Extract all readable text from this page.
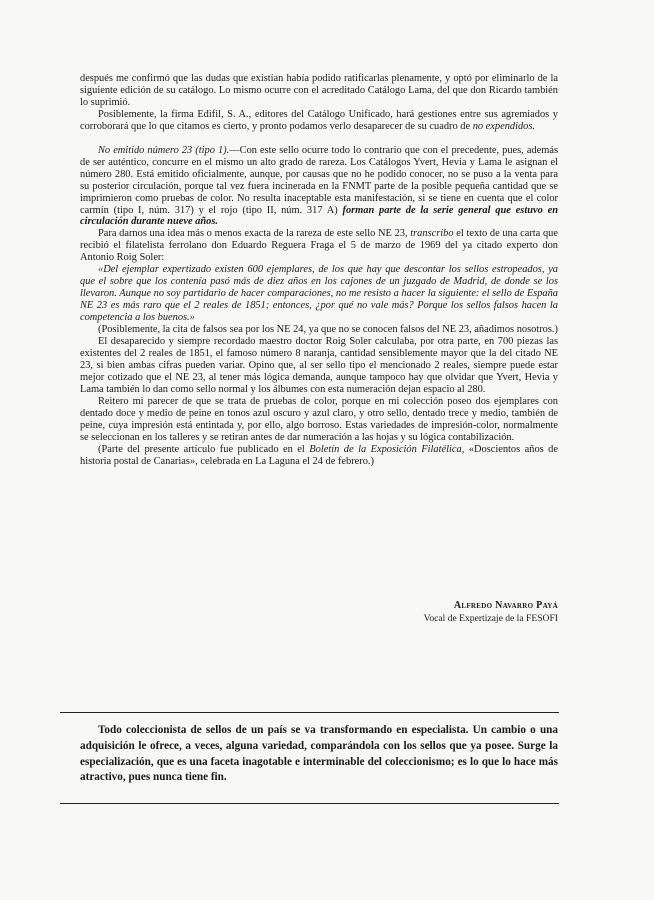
después me confirmó que las dudas que existían había podido ratificarlas plenamente, y optó por eliminarlo de la siguiente edición de su catálogo. Lo mismo ocurre con el acreditado Catálogo Lama, del que don Ricardo también lo suprimió.

Posiblemente, la firma Edifil, S. A., editores del Catálogo Unificado, hará gestiones entre sus agremiados y corroborará que lo que citamos es cierto, y pronto podamos verlo desaparecer de su cuadro de no expendidos.

No emitido número 23 (tipo 1).—Con este sello ocurre todo lo contrario que con el precedente, pues, además de ser auténtico, concurre en el mismo un alto grado de rareza. Los Catálogos Yvert, Hevia y Lama le asignan el número 280. Está emitido oficialmente, aunque, por causas que no he podido conocer, no se puso a la venta para su posterior circulación, porque tal vez fuera incinerada en la FNMT parte de la posible pequeña cantidad que se imprimieron como pruebas de color. No resulta inaceptable esta manifestación, si se tiene en cuenta que el color carmín (tipo I, núm. 317) y el rojo (tipo II, núm. 317 A) forman parte de la serie general que estuvo en circulación durante nueve años.

Para darnos una idea más o menos exacta de la rareza de este sello NE 23, transcribo el texto de una carta que recibió el filatelista ferrolano don Eduardo Reguera Fraga el 5 de marzo de 1969 del ya citado experto don Antonio Roig Soler:

«Del ejemplar expertizado existen 600 ejemplares, de los que hay que descontar los sellos estropeados, ya que el sobre que los contenía pasó más de diez años en los cajones de un juzgado de Madrid, de donde se los llevaron. Aunque no soy partidario de hacer comparaciones, no me resisto a hacer la siguiente: el sello de España NE 23 es más raro que el 2 reales de 1851; entonces, ¿por qué no vale más? Porque los sellos falsos hacen la competencia a los buenos.»

(Posiblemente, la cita de falsos sea por los NE 24, ya que no se conocen falsos del NE 23, añadimos nosotros.)

El desaparecido y siempre recordado maestro doctor Roig Soler calculaba, por otra parte, en 700 piezas las existentes del 2 reales de 1851, el famoso número 8 naranja, cantidad sensiblemente mayor que la del citado NE 23, si bien ambas cifras pueden variar. Opino que, al ser sello tipo el mencionado 2 reales, siempre puede estar mejor cotizado que el NE 23, al tener más lógica demanda, aunque tampoco hay que olvidar que Yvert, Hevia y Lama también lo dan como sello normal y los álbumes con esta numeración dejan espacio al 280.

Reitero mi parecer de que se trata de pruebas de color, porque en mi colección poseo dos ejemplares con dentado doce y medio de peine en tonos azul oscuro y azul claro, y otro sello, dentado trece y medio, también de peine, cuya impresión está entintada y, por ello, algo borroso. Estas variedades de impresión-color, normalmente se seleccionan en los talleres y se retiran antes de dar numeración a las hojas y su lógica contabilización.

(Parte del presente artículo fue publicado en el Boletín de la Exposición Filatélica, «Doscientos años de historia postal de Canarias», celebrada en La Laguna el 24 de febrero.)

Alfredo Navarro Payá
Vocal de Expertizaje de la FESOFI

Todo coleccionista de sellos de un país se va transformando en especialista. Un cambio o una adquisición le ofrece, a veces, alguna variedad, comparándola con los sellos que ya posee. Surge la especialización, que es una faceta inagotable e interminable del coleccionismo; es lo que lo hace más atractivo, pues nunca tiene fin.
